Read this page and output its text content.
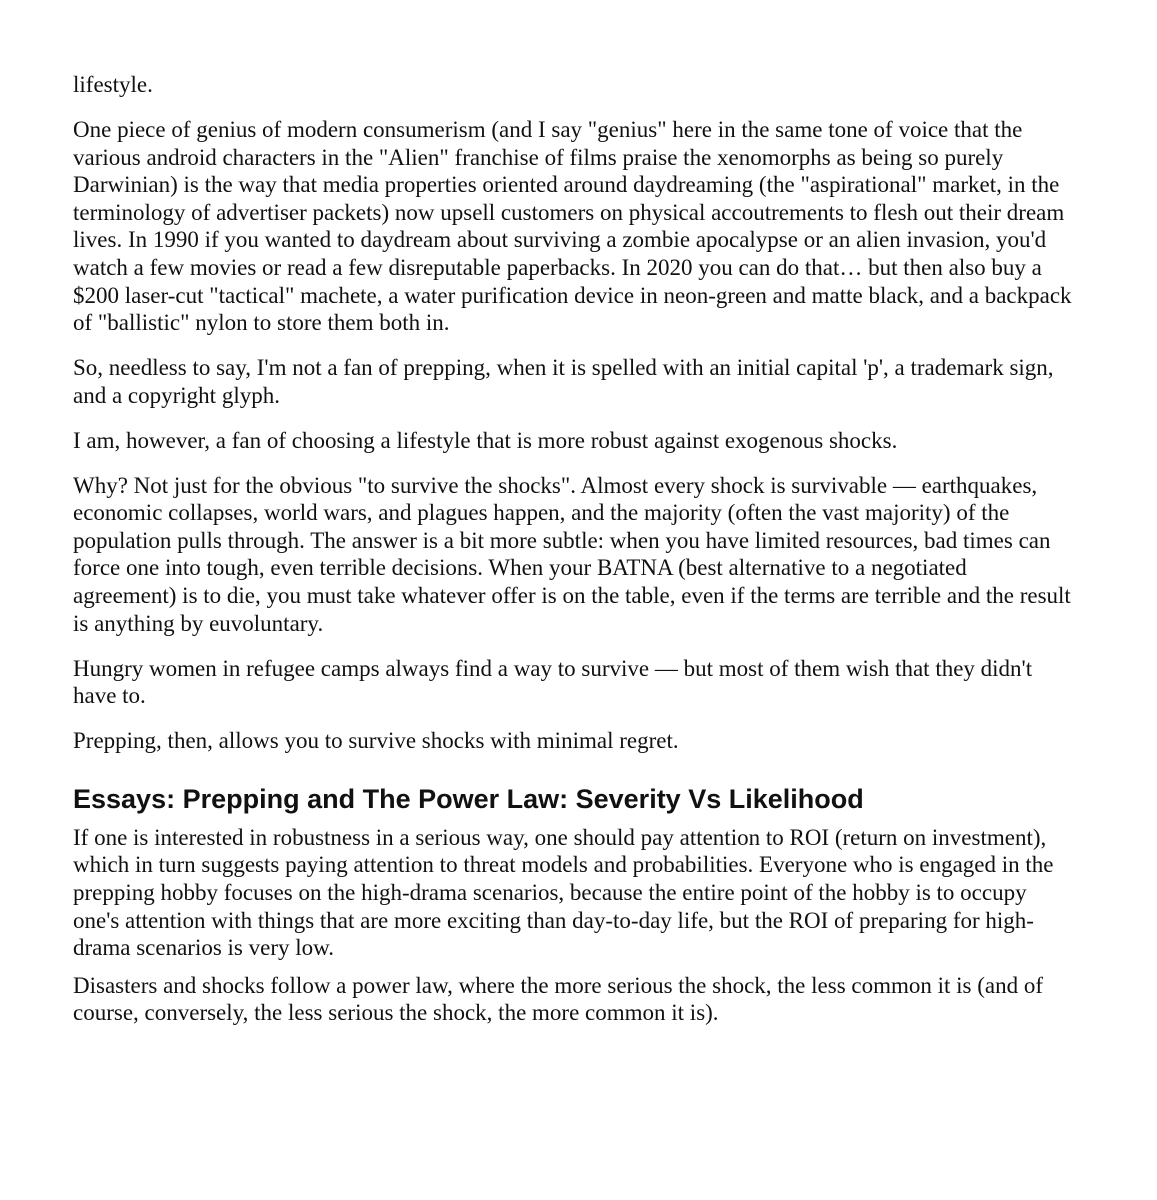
lifestyle.

One piece of genius of modern consumerism (and I say "genius" here in the same tone of voice that the various android characters in the "Alien" franchise of films praise the xenomorphs as being so purely Darwinian) is the way that media properties oriented around daydreaming (the "aspirational" market, in the terminology of advertiser packets) now upsell customers on physical accoutrements to flesh out their dream lives. In 1990 if you wanted to daydream about surviving a zombie apocalypse or an alien invasion, you'd watch a few movies or read a few disreputable paperbacks. In 2020 you can do that… but then also buy a $200 laser-cut "tactical" machete, a water purification device in neon-green and matte black, and a backpack of "ballistic" nylon to store them both in.

So, needless to say, I'm not a fan of prepping, when it is spelled with an initial capital 'p', a trademark sign, and a copyright glyph.

I am, however, a fan of choosing a lifestyle that is more robust against exogenous shocks.

Why? Not just for the obvious "to survive the shocks". Almost every shock is survivable — earthquakes, economic collapses, world wars, and plagues happen, and the majority (often the vast majority) of the population pulls through. The answer is a bit more subtle: when you have limited resources, bad times can force one into tough, even terrible decisions. When your BATNA (best alternative to a negotiated agreement) is to die, you must take whatever offer is on the table, even if the terms are terrible and the result is anything by euvoluntary.

Hungry women in refugee camps always find a way to survive — but most of them wish that they didn't have to.

Prepping, then, allows you to survive shocks with minimal regret.

Essays: Prepping and The Power Law: Severity Vs Likelihood

If one is interested in robustness in a serious way, one should pay attention to ROI (return on investment), which in turn suggests paying attention to threat models and probabilities. Everyone who is engaged in the prepping hobby focuses on the high-drama scenarios, because the entire point of the hobby is to occupy one's attention with things that are more exciting than day-to-day life, but the ROI of preparing for high-drama scenarios is very low.

Disasters and shocks follow a power law, where the more serious the shock, the less common it is (and of course, conversely, the less serious the shock, the more common it is).
